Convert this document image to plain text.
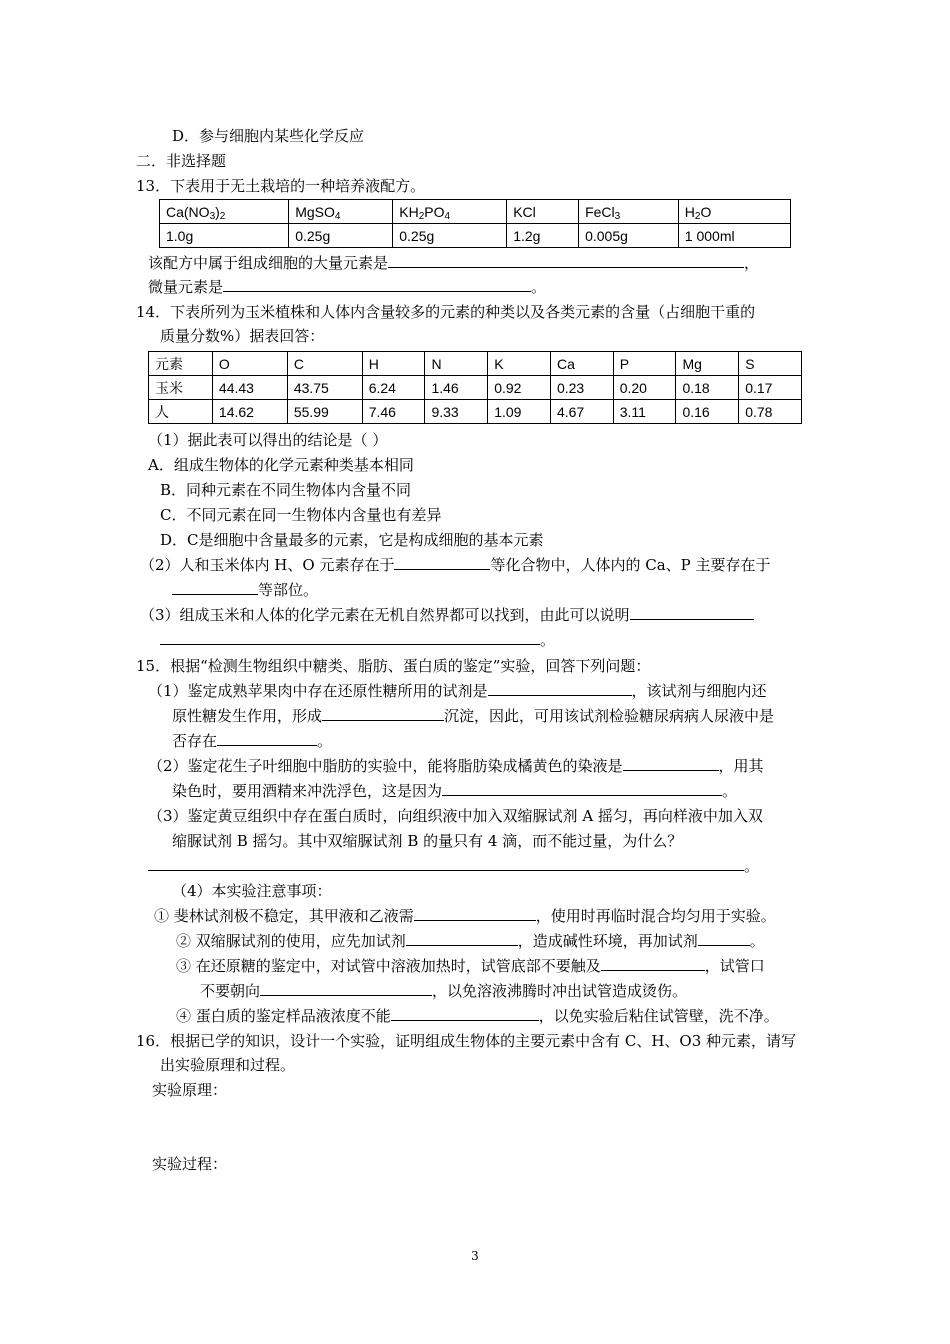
D．参与细胞内某些化学反应
二．非选择题
13．下表用于无土栽培的一种培养液配方。
$Ca(NO_3)_2$	MgSO$_4$	$KH_2PO_4$	KCl	FeCl$_3$	$H_2O$
1.0g	0.25g	0.25g	1.2g	0.005g	1 000ml
该配方中属于组成细胞的大量元素是	，
微量元素是	。
14．下表所列为玉米植株和人体内含量较多的元素的种类以及各类元素的含量（占细胞干重的
质量分数%）据表回答：
元素	O	C	H	N	K	Ca	P	Mg	S
玉米	44.43	43.75	6.24	1.46	0.92	0.23	0.20	0.18	0.17
人	14.62	55.99	7.46	9.33	1.09	4.67	3.11	0.16	0.78
（1）据此表可以得出的结论是（ ）
A．组成生物体的化学元素种类基本相同
B．同种元素在不同生物体内含量不同
C．不同元素在同一生物体内含量也有差异
D．C是细胞中含量最多的元素，它是构成细胞的基本元素
（2）人和玉米体内 H、O 元素存在于	等化合物中，人体内的 Ca、P 主要存在于
等部位。
（3）组成玉米和人体的化学元素在无机自然界都可以找到，由此可以说明
。
15．根据“检测生物组织中糖类、脂肪、蛋白质的鉴定”实验，回答下列问题：
（1）鉴定成熟苹果肉中存在还原性糖所用的试剂是	，该试剂与细胞内还
原性糖发生作用，形成	沉淀，因此，可用该试剂检验糖尿病病人尿液中是
否存在	。
（2）鉴定花生子叶细胞中脂肪的实验中，能将脂肪染成橘黄色的染液是	，用其
染色时，要用酒精来冲洗浮色，这是因为	。
（3）鉴定黄豆组织中存在蛋白质时，向组织液中加入双缩脲试剂 A 摇匀，再向样液中加入双
缩脲试剂 B 摇匀。其中双缩脲试剂 B 的量只有 4 滴，而不能过量，为什么？
。
（4）本实验注意事项：
① 斐林试剂极不稳定，其甲液和乙液需	，使用时再临时混合均匀用于实验。
② 双缩脲试剂的使用，应先加试剂	，造成碱性环境，再加试剂	。
③ 在还原糖的鉴定中，对试管中溶液加热时，试管底部不要触及	，试管口
不要朝向	，以免溶液沸腾时冲出试管造成烫伤。
④ 蛋白质的鉴定样品液浓度不能	，以免实验后粘住试管壁，洗不净。
16．根据已学的知识，设计一个实验，证明组成生物体的主要元素中含有 C、H、O3 种元素，请写
出实验原理和过程。
实验原理：
实验过程：
3
